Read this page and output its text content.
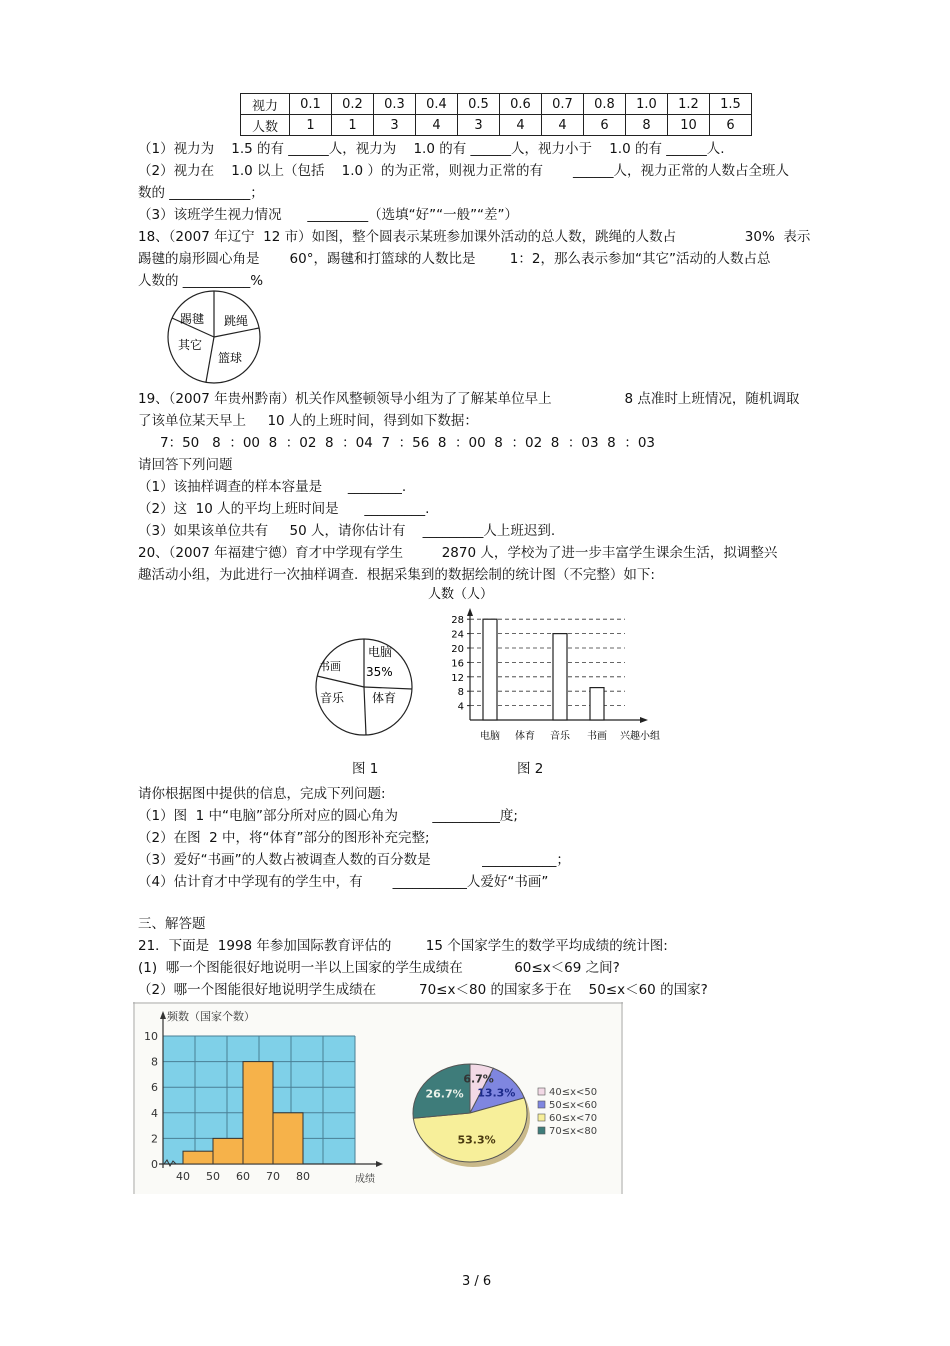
视力	0.1	0.2	0.3	0.4	0.5	0.6	0.7	0.8	1.0	1.2	1.5
人数	1	1	3	4	3	4	4	6	8	10	6
（1）视力为    1.5 的有 ______人，视力为    1.0 的有 ______人，视力小于    1.0 的有 ______人.
（2）视力在    1.0 以上（包括    1.0 ）的为正常，则视力正常的有       ______人，视力正常的人数占全班人
数的 ____________；
（3）该班学生视力情况      _________（选填“好”“一般”“差”）
18、（2007 年辽宁  12 市）如图，整个圆表示某班参加课外活动的总人数，跳绳的人数占                30%  表示
踢毽的扇形圆心角是       60°，踢毽和打篮球的人数比是        1：2，那么表示参加“其它”活动的人数占总
人数的 __________%
踢毽 跳绳
其它
篮球
19、（2007 年贵州黔南）机关作风整顿领导小组为了了解某单位早上                 8 点准时上班情况，随机调取
了该单位某天早上     10 人的上班时间，得到如下数据：
7：50   8  ：00  8  ：02  8  ：04  7  ：56  8  ：00  8  ：02  8  ：03  8  ：03
请回答下列问题
（1）该抽样调查的样本容量是      ________.
（2）这  10 人的平均上班时间是      _________.
（3）如果该单位共有     50 人，请你估计有    _________人上班迟到.
20、（2007 年福建宁德）育才中学现有学生         2870 人，学校为了进一步丰富学生课余生活，拟调整兴
趣活动小组，为此进行一次抽样调查.  根据采集到的数据绘制的统计图（不完整）如下:
电脑
35%
书画
音乐 体育
人数（人）
4
8
12
16
20
24
28
电脑 体育 音乐 书画 兴趣小组
图 1	图 2
请你根据图中提供的信息，完成下列问题:
（1）图  1 中“电脑”部分所对应的圆心角为        __________度;
（2）在图  2 中，将“体育”部分的图形补充完整;
（3）爱好“书画”的人数占被调查人数的百分数是            ___________；
（4）估计育才中学现有的学生中，有       ___________人爱好“书画”
三、解答题
21．下面是  1998 年参加国际教育评估的        15 个国家学生的数学平均成绩的统计图:
(1)  哪一个图能很好地说明一半以上国家的学生成绩在            60≤x＜69 之间?
（2）哪一个图能很好地说明学生成绩在          70≤x＜80 的国家多于在    50≤x＜60 的国家?
0
2
4
6
8
10
40 50 60 70 80
频数（国家个数）
成绩
6.7%
13.3%
53.3%
26.7%	40≤x<50
50≤x<60
60≤x<70
70≤x<80
3 / 6
